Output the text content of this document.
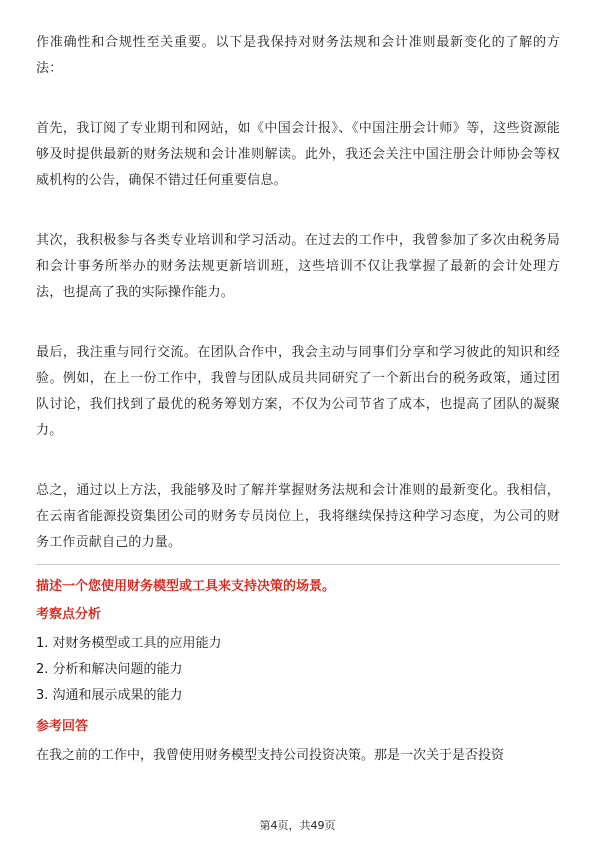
作准确性和合规性至关重要。以下是我保持对财务法规和会计准则最新变化的了解的方法：

首先，我订阅了专业期刊和网站，如《中国会计报》、《中国注册会计师》等，这些资源能够及时提供最新的财务法规和会计准则解读。此外，我还会关注中国注册会计师协会等权威机构的公告，确保不错过任何重要信息。

其次，我积极参与各类专业培训和学习活动。在过去的工作中，我曾参加了多次由税务局和会计事务所举办的财务法规更新培训班，这些培训不仅让我掌握了最新的会计处理方法，也提高了我的实际操作能力。

最后，我注重与同行交流。在团队合作中，我会主动与同事们分享和学习彼此的知识和经验。例如，在上一份工作中，我曾与团队成员共同研究了一个新出台的税务政策，通过团队讨论，我们找到了最优的税务筹划方案，不仅为公司节省了成本，也提高了团队的凝聚力。

总之，通过以上方法，我能够及时了解并掌握财务法规和会计准则的最新变化。我相信，在云南省能源投资集团公司的财务专员岗位上，我将继续保持这种学习态度，为公司的财务工作贡献自己的力量。

描述一个您使用财务模型或工具来支持决策的场景。

考察点分析

1. 对财务模型或工具的应用能力
2. 分析和解决问题的能力
3. 沟通和展示成果的能力

参考回答

在我之前的工作中，我曾使用财务模型支持公司投资决策。那是一次关于是否投资

第4页，共49页
